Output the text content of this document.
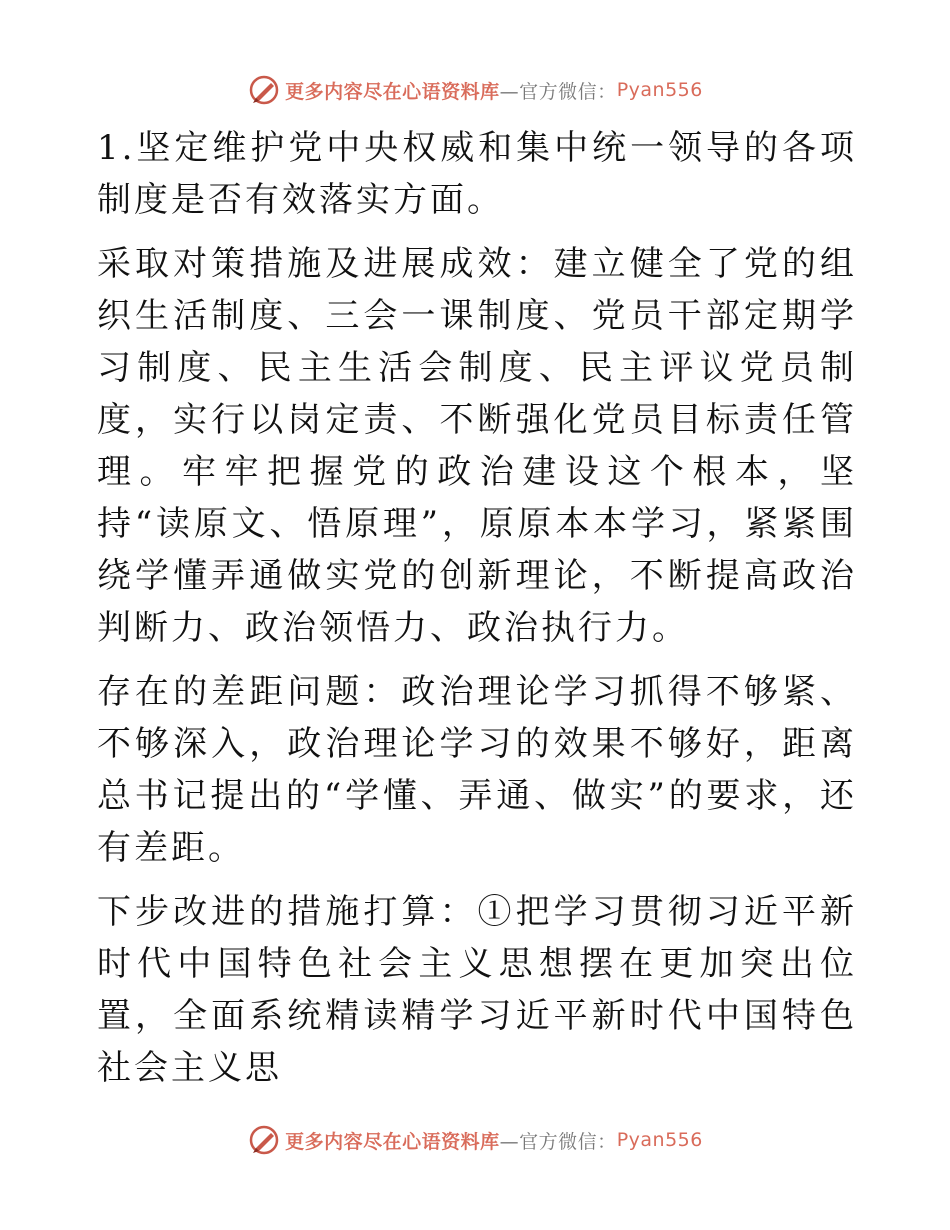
更多内容尽在心语资料库 —官方微信： Pyan556

1.坚定维护党中央权威和集中统一领导的各项制度是否有效落实方面。

采取对策措施及进展成效：建立健全了党的组织生活制度、三会一课制度、党员干部定期学习制度、民主生活会制度、民主评议党员制度，实行以岗定责、不断强化党员目标责任管理。牢牢把握党的政治建设这个根本，坚持“读原文、悟原理”，原原本本学习，紧紧围绕学懂弄通做实党的创新理论，不断提高政治判断力、政治领悟力、政治执行力。

存在的差距问题：政治理论学习抓得不够紧、不够深入，政治理论学习的效果不够好，距离总书记提出的“学懂、弄通、做实”的要求，还有差距。

下步改进的措施打算：①把学习贯彻习近平新时代中国特色社会主义思想摆在更加突出位置，全面系统精读精学习近平新时代中国特色社会主义思

更多内容尽在心语资料库 —官方微信： Pyan556
